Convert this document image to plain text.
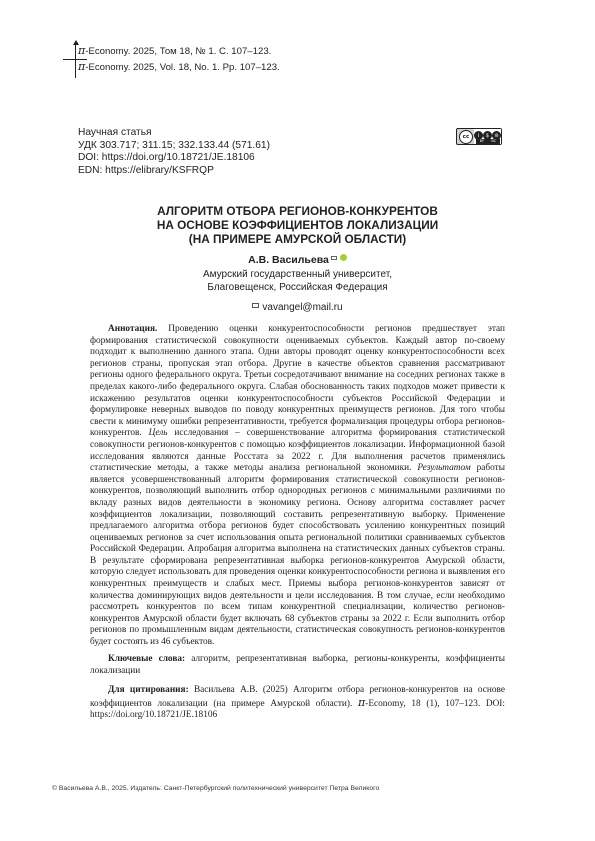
π-Economy. 2025, Том 18, № 1. С. 107–123.
π-Economy. 2025, Vol. 18, No. 1. Pp. 107–123.
Научная статья
УДК 303.717; 311.15; 332.133.44 (571.61)
DOI: https://doi.org/10.18721/JE.18106
EDN: https://elibrary/KSFRQP
cc	i	$	⊜
BY NC
АЛГОРИТМ ОТБОРА РЕГИОНОВ-КОНКУРЕНТОВ
НА ОСНОВЕ КОЭФФИЦИЕНТОВ ЛОКАЛИЗАЦИИ
(НА ПРИМЕРЕ АМУРСКОЙ ОБЛАСТИ)
А.В. Васильева
Амурский государственный университет,
Благовещенск, Российская Федерация
vavangel@mail.ru

Аннотация. Проведению оценки конкурентоспособности регионов предшествует этап формирования статистической совокупности оцениваемых субъектов. Каждый автор по-своему подходит к выполнению данного этапа. Одни авторы проводят оценку конкурентоспособности всех регионов страны, пропуская этап отбора. Другие в качестве объектов сравнения рассматривают регионы одного федерального округа. Третьи сосредотачивают внимание на соседних регионах также в пределах какого-либо федерального округа. Слабая обоснованность таких подходов может привести к искажению результатов оценки конкурентоспособности субъектов Российской Федерации и формулировке неверных выводов по поводу конкурентных преимуществ регионов. Для того чтобы свести к минимуму ошибки репрезентативности, требуется формализация процедуры отбора регионов-конкурентов. Цель исследования – совершенствование алгоритма формирования статистической совокупности регионов-конкурентов с помощью коэффициентов локализации. Информационной базой исследования являются данные Росстата за 2022 г. Для выполнения расчетов применялись статистические методы, а также методы анализа региональной экономики. Результатом работы является усовершенствованный алгоритм формирования статистической совокупности регионов-конкурентов, позволяющий выполнить отбор однородных регионов с минимальными различиями по вкладу разных видов деятельности в экономику региона. Основу алгоритма составляет расчет коэффициентов локализации, позволяющий составить репрезентативную выборку. Применение предлагаемого алгоритма отбора регионов будет способствовать усилению конкурентных позиций оцениваемых регионов за счет использования опыта региональной политики сравниваемых субъектов Российской Федерации. Апробация алгоритма выполнена на статистических данных субъектов страны. В результате сформирована репрезентативная выборка регионов-конкурентов Амурской области, которую следует использовать для проведения оценки конкурентоспособности региона и выявления его конкурентных преимуществ и слабых мест. Приемы выбора регионов-конкурентов зависят от количества доминирующих видов деятельности и цели исследования. В том случае, если необходимо рассмотреть конкурентов по всем типам конкурентной специализации, количество регионов-конкурентов Амурской области будет включать 68 субъектов страны за 2022 г. Если выполнить отбор регионов по промышленным видам деятельности, статистическая совокупность регионов-конкурентов будет состоять из 46 субъектов.

Ключевые слова: алгоритм, репрезентативная выборка, регионы-конкуренты, коэффициенты локализации

Для цитирования: Васильева А.В. (2025) Алгоритм отбора регионов-конкурентов на основе коэффициентов локализации (на примере Амурской области). π-Economy, 18 (1), 107–123. DOI: https://doi.org/10.18721/JE.18106

© Васильева А.В., 2025. Издатель: Санкт-Петербургский политехнический университет Петра Великого
